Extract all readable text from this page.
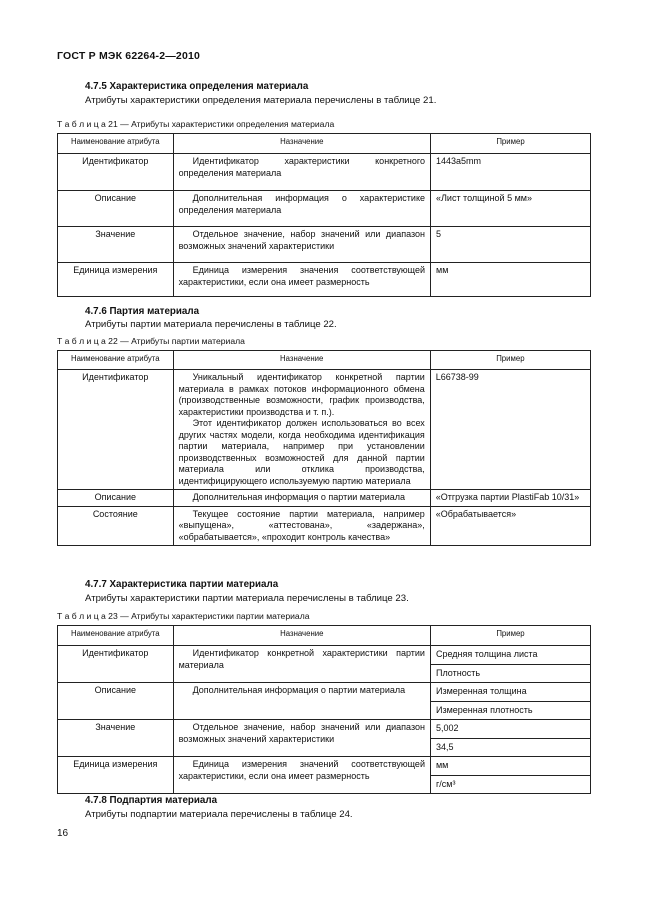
ГОСТ Р МЭК 62264-2—2010
4.7.5 Характеристика определения материала
Атрибуты характеристики определения материала перечислены в таблице 21.
Т а б л и ц а 21 — Атрибуты характеристики определения материала
Наименование атрибута	Назначение	Пример
Идентификатор	Идентификатор характеристики конкретного определения материала	1443a5mm
Описание	Дополнительная информация о характеристике определения материала	«Лист толщиной 5 мм»
Значение	Отдельное значение, набор значений или диапазон возможных значений характеристики	5
Единица измерения	Единица измерения значения соответствующей характеристики, если она имеет размерность	мм
4.7.6 Партия материала
Атрибуты партии материала перечислены в таблице 22.
Т а б л и ц а 22 — Атрибуты партии материала
Наименование атрибута	Назначение	Пример
Идентификатор	Уникальный идентификатор конкретной партии материала в рамках потоков информационного обмена (производственные возможности, график производства, характеристики производства и т. п.).
Этот идентификатор должен использоваться во всех других частях модели, когда необходима идентификация партии материала, например при установлении производственных возможностей для данной партии материала или отклика производства, идентифицирующего используемую партию материала	L66738-99
Описание	Дополнительная информация о партии материала	«Отгрузка партии PlastiFab 10/31»
Состояние	Текущее состояние партии материала, например «выпущена», «аттестована», «задержана», «обрабатывается», «проходит контроль качества»	«Обрабатывается»
4.7.7 Характеристика партии материала
Атрибуты характеристики партии материала перечислены в таблице 23.
Т а б л и ц а 23 — Атрибуты характеристики партии материала
Наименование атрибута	Назначение	Пример
Идентификатор	Идентификатор конкретной характеристики партии материала	Средняя толщина листа
		Плотность
Описание	Дополнительная информация о партии материала	Измеренная толщина
		Измеренная плотность
Значение	Отдельное значение, набор значений или диапазон возможных значений характеристики	5,002
		34,5
Единица измерения	Единица измерения значений соответствующей характеристики, если она имеет размерность	мм
		г/см³
4.7.8 Подпартия материала
Атрибуты подпартии материала перечислены в таблице 24.
16
